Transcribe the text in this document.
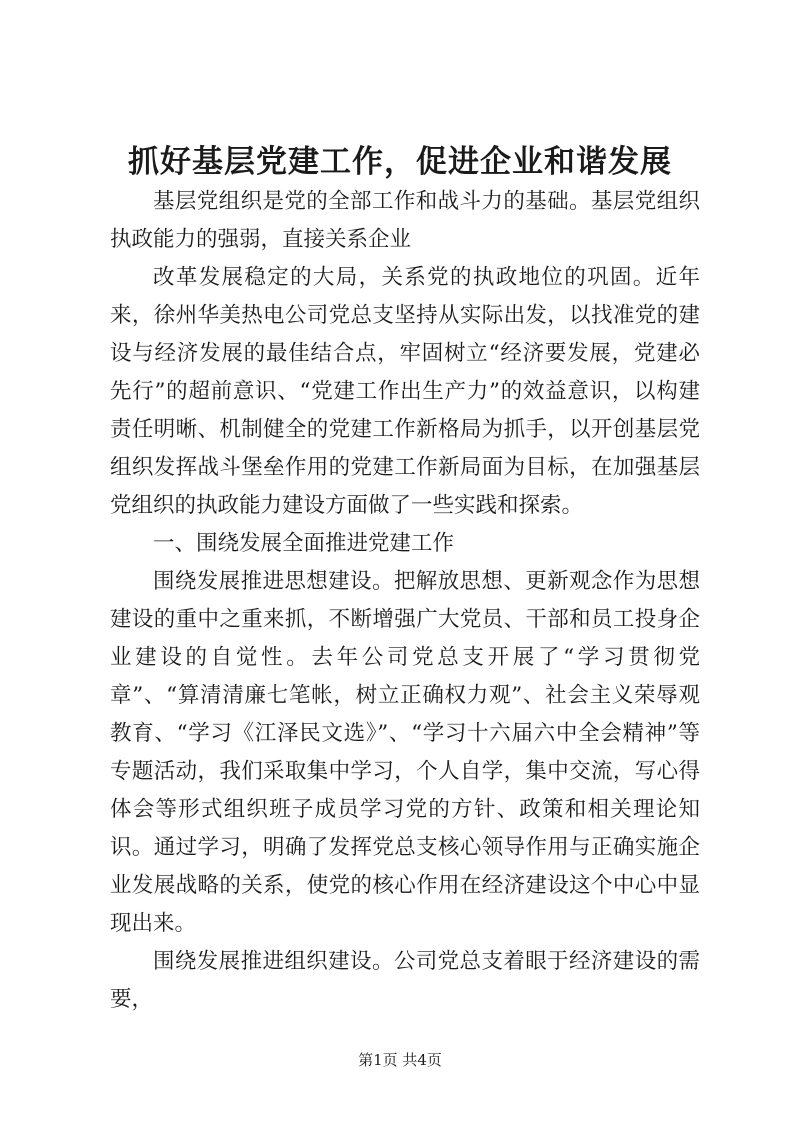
抓好基层党建工作，促进企业和谐发展

基层党组织是党的全部工作和战斗力的基础。基层党组织执政能力的强弱，直接关系企业

改革发展稳定的大局，关系党的执政地位的巩固。近年来，徐州华美热电公司党总支坚持从实际出发，以找准党的建设与经济发展的最佳结合点，牢固树立“经济要发展，党建必先行”的超前意识、“党建工作出生产力”的效益意识，以构建责任明晰、机制健全的党建工作新格局为抓手，以开创基层党组织发挥战斗堡垒作用的党建工作新局面为目标，在加强基层党组织的执政能力建设方面做了一些实践和探索。

一、围绕发展全面推进党建工作

围绕发展推进思想建设。把解放思想、更新观念作为思想建设的重中之重来抓，不断增强广大党员、干部和员工投身企业建设的自觉性。去年公司党总支开展了“学习贯彻党章”、“算清清廉七笔帐，树立正确权力观”、社会主义荣辱观教育、“学习《江泽民文选》”、“学习十六届六中全会精神”等专题活动，我们采取集中学习，个人自学，集中交流，写心得体会等形式组织班子成员学习党的方针、政策和相关理论知识。通过学习，明确了发挥党总支核心领导作用与正确实施企业发展战略的关系，使党的核心作用在经济建设这个中心中显现出来。

围绕发展推进组织建设。公司党总支着眼于经济建设的需要，

第1页 共4页
